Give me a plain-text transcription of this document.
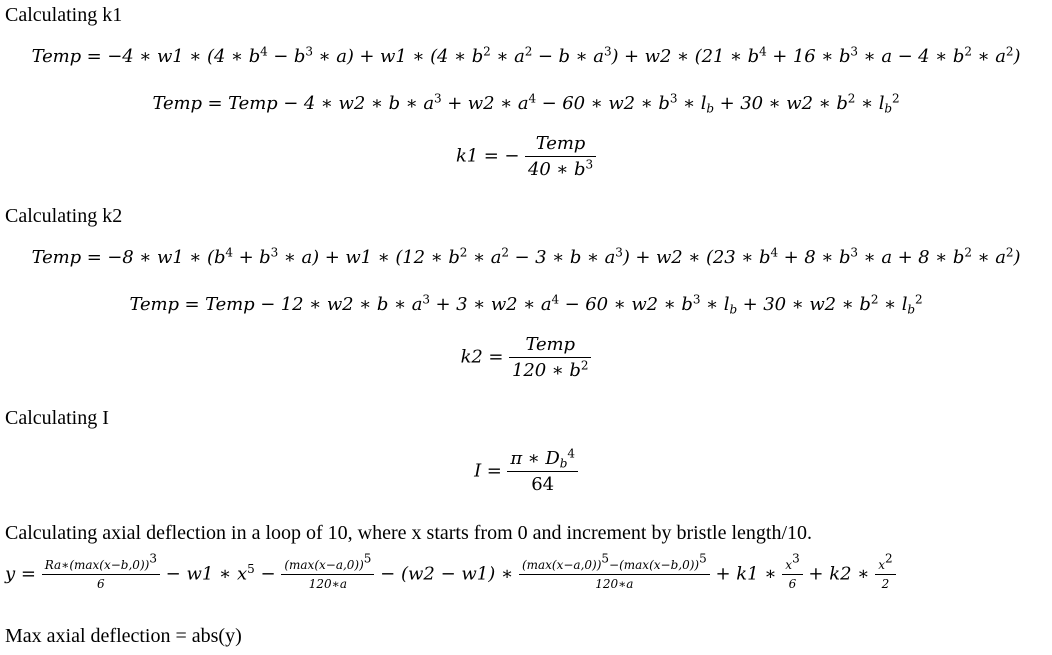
Calculating k1
Temp = −4 ∗ w1 ∗ (4 ∗ $b^4 - b^3$ ∗ a) + w1 ∗ (4 ∗ $b^2$ ∗ $a^2 - b$ ∗ $a^3) + w2$ ∗ (21 ∗ $b^4 + 16$ ∗ $b^3$ ∗ a − 4 ∗ $b^2$ ∗ $a^2$)
Temp = Temp − 4 ∗ w2 ∗ b ∗ $a^3 + w2$ ∗ $a^4 - 60$ ∗ w2 ∗ $b^3$ ∗ $l_b + 30$ ∗ w2 ∗ $b^2$ ∗ $l_b^2$
k1 = − $\frac{\text{Temp}}{40 ∗ b^3}$
Calculating k2
Temp = −8 ∗ w1 ∗ ($b^4 + b^3$ ∗ a) + w1 ∗ (12 ∗ $b^2$ ∗ $a^2 - 3$ ∗ b ∗ $a^3) + w2$ ∗ (23 ∗ $b^4 + 8$ ∗ $b^3$ ∗ a + 8 ∗ $b^2$ ∗ $a^2$)
Temp = Temp − 12 ∗ w2 ∗ b ∗ $a^3 + 3$ ∗ w2 ∗ $a^4 - 60$ ∗ w2 ∗ $b^3$ ∗ $l_b + 30$ ∗ w2 ∗ $b^2$ ∗ $l_b^2$
$k2 = \frac{\text{Temp}}{120 ∗ b^2}$
Calculating I
$I = \frac{\pi ∗ D_b^4}{64}$
Calculating axial deflection in a loop of 10, where x starts from 0 and increment by bristle length/10.
$y = \frac{Ra∗(\max(x-b,0))^3}{6} - w1$ ∗ $x^5 - \frac{(\max(x-a,0))^5}{120∗a} - (w2 - w1)$ ∗ $\frac{(\max(x-a,0))^5-(\max(x-b,0))^5}{120∗a} + k1$ ∗ $\frac{x^3}{6} + k2$ ∗ $\frac{x^2}{2}$
Max axial deflection = abs(y)
